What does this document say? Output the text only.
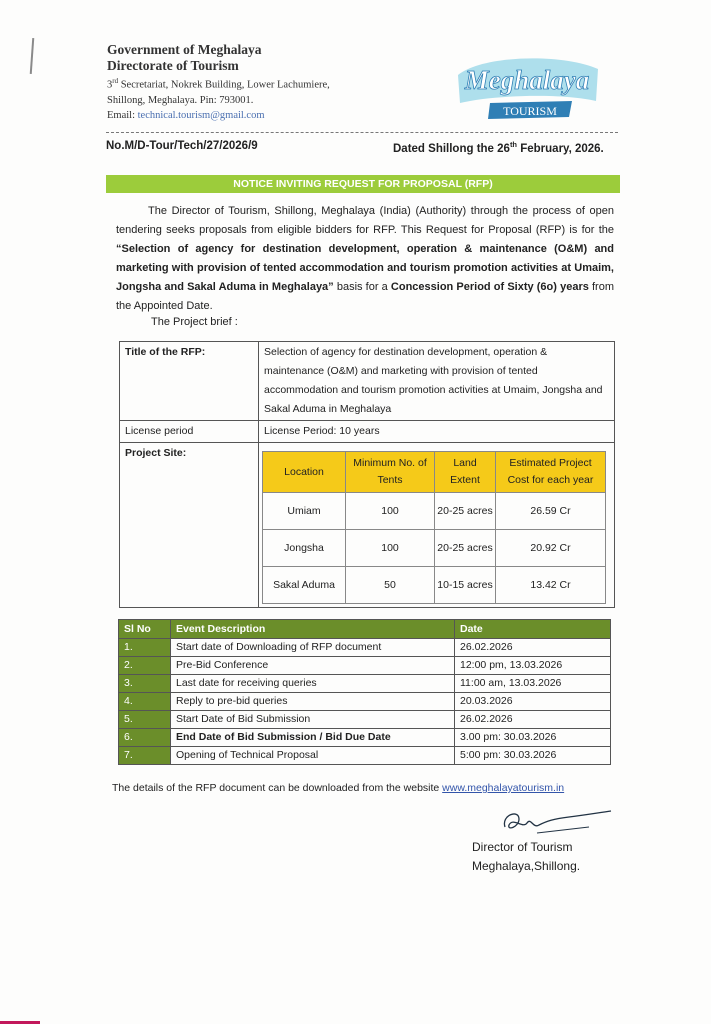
Government of Meghalaya
Directorate of Tourism
3rd Secretariat, Nokrek Building, Lower Lachumiere,
Shillong, Meghalaya. Pin: 793001.
Email: technical.tourism@gmail.com
Meghalaya
TOURISM
No.M/D-Tour/Tech/27/2026/9	Dated Shillong the 26th February, 2026.
NOTICE INVITING REQUEST FOR PROPOSAL (RFP)
The Director of Tourism, Shillong, Meghalaya (India) (Authority) through the process of open tendering seeks proposals from eligible bidders for RFP. This Request for Proposal (RFP) is for the “Selection of agency for destination development, operation & maintenance (O&M) and marketing with provision of tented accommodation and tourism promotion activities at Umaim, Jongsha and Sakal Aduma in Meghalaya” basis for a Concession Period of Sixty (6o) years from the Appointed Date.
The Project brief :
Title of the RFP:	Selection of agency for destination development, operation & maintenance (O&M) and marketing with provision of tented accommodation and tourism promotion activities at Umaim, Jongsha and Sakal Aduma in Meghalaya
License period	License Period: 10 years
Project Site:	
Location	Minimum No. of Tents	Land Extent	Estimated Project Cost for each year
Umiam	100	20-25 acres	26.59 Cr
Jongsha	100	20-25 acres	20.92 Cr
Sakal Aduma	50	10-15 acres	13.42 Cr
Sl No	Event Description	Date
1.	Start date of Downloading of RFP document	26.02.2026
2.	Pre-Bid Conference	12:00 pm, 13.03.2026
3.	Last date for receiving queries	11:00 am, 13.03.2026
4.	Reply to pre-bid queries	20.03.2026
5.	Start Date of Bid Submission	26.02.2026
6.	End Date of Bid Submission / Bid Due Date	3.00 pm: 30.03.2026
7.	Opening of Technical Proposal	5:00 pm: 30.03.2026
The details of the RFP document can be downloaded from the website www.meghalayatourism.in
Director of Tourism
Meghalaya,Shillong.
